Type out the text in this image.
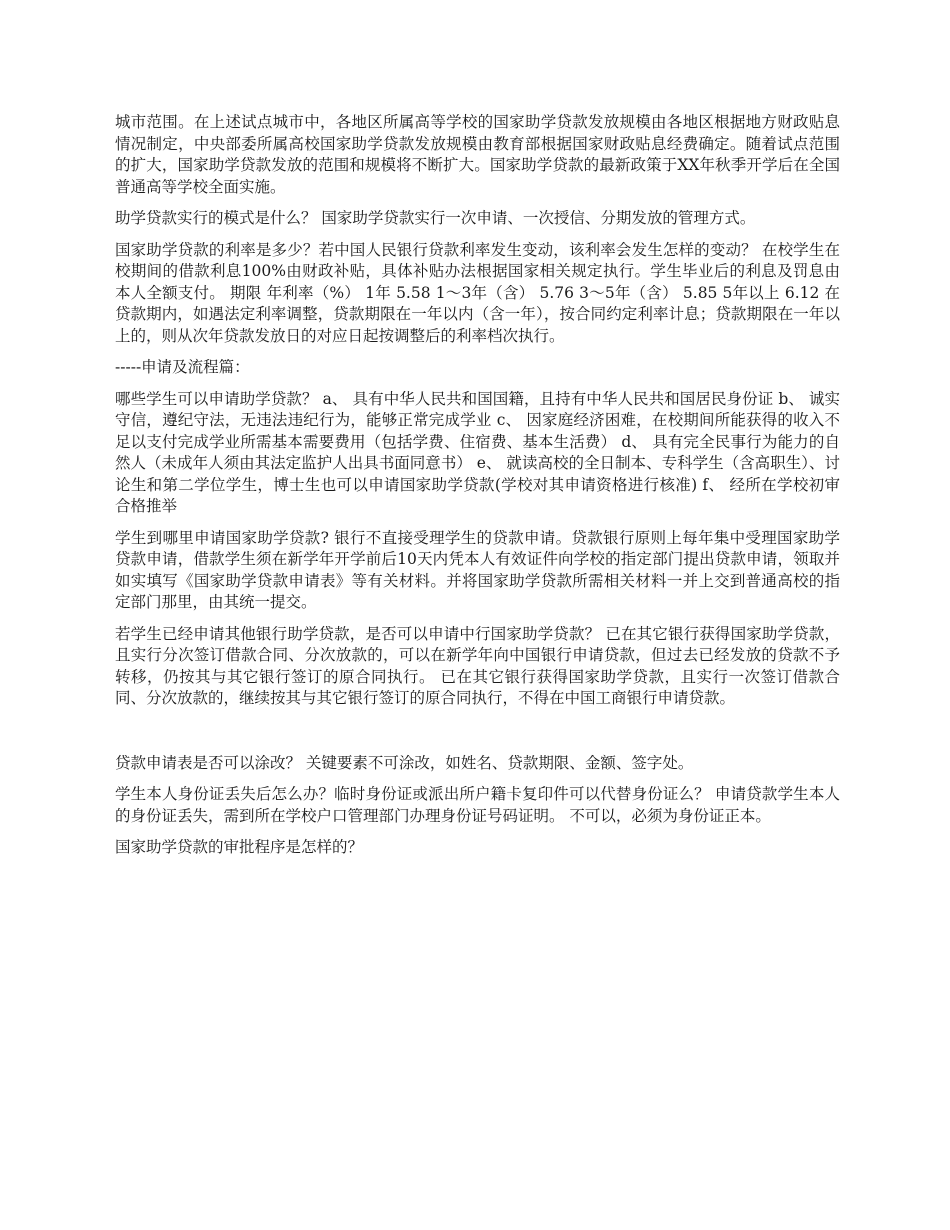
城市范围。在上述试点城市中，各地区所属高等学校的国家助学贷款发放规模由各地区根据地方财政贴息情况制定，中央部委所属高校国家助学贷款发放规模由教育部根据国家财政贴息经费确定。随着试点范围的扩大，国家助学贷款发放的范围和规模将不断扩大。国家助学贷款的最新政策于XX年秋季开学后在全国普通高等学校全面实施。

助学贷款实行的模式是什么？ 国家助学贷款实行一次申请、一次授信、分期发放的管理方式。

国家助学贷款的利率是多少？若中国人民银行贷款利率发生变动，该利率会发生怎样的变动？ 在校学生在校期间的借款利息100%由财政补贴，具体补贴办法根据国家相关规定执行。学生毕业后的利息及罚息由本人全额支付。 期限 年利率（%） 1年 5.58 1～3年（含） 5.76 3～5年（含） 5.85 5年以上 6.12 在贷款期内，如遇法定利率调整，贷款期限在一年以内（含一年），按合同约定利率计息；贷款期限在一年以上的，则从次年贷款发放日的对应日起按调整后的利率档次执行。

-----申请及流程篇：

哪些学生可以申请助学贷款？ a、 具有中华人民共和国国籍，且持有中华人民共和国居民身份证 b、 诚实守信，遵纪守法，无违法违纪行为，能够正常完成学业 c、 因家庭经济困难，在校期间所能获得的收入不足以支付完成学业所需基本需要费用（包括学费、住宿费、基本生活费） d、 具有完全民事行为能力的自然人（未成年人须由其法定监护人出具书面同意书） e、 就读高校的全日制本、专科学生（含高职生）、讨论生和第二学位学生，博士生也可以申请国家助学贷款(学校对其申请资格进行核准) f、 经所在学校初审合格推举

学生到哪里申请国家助学贷款? 银行不直接受理学生的贷款申请。贷款银行原则上每年集中受理国家助学贷款申请，借款学生须在新学年开学前后10天内凭本人有效证件向学校的指定部门提出贷款申请，领取并如实填写《国家助学贷款申请表》等有关材料。并将国家助学贷款所需相关材料一并上交到普通高校的指定部门那里，由其统一提交。

若学生已经申请其他银行助学贷款，是否可以申请中行国家助学贷款？ 已在其它银行获得国家助学贷款，且实行分次签订借款合同、分次放款的，可以在新学年向中国银行申请贷款，但过去已经发放的贷款不予转移，仍按其与其它银行签订的原合同执行。 已在其它银行获得国家助学贷款，且实行一次签订借款合同、分次放款的，继续按其与其它银行签订的原合同执行，不得在中国工商银行申请贷款。

贷款申请表是否可以涂改？ 关键要素不可涂改，如姓名、贷款期限、金额、签字处。

学生本人身份证丢失后怎么办？临时身份证或派出所户籍卡复印件可以代替身份证么？ 申请贷款学生本人的身份证丢失，需到所在学校户口管理部门办理身份证号码证明。 不可以，必须为身份证正本。

国家助学贷款的审批程序是怎样的？
